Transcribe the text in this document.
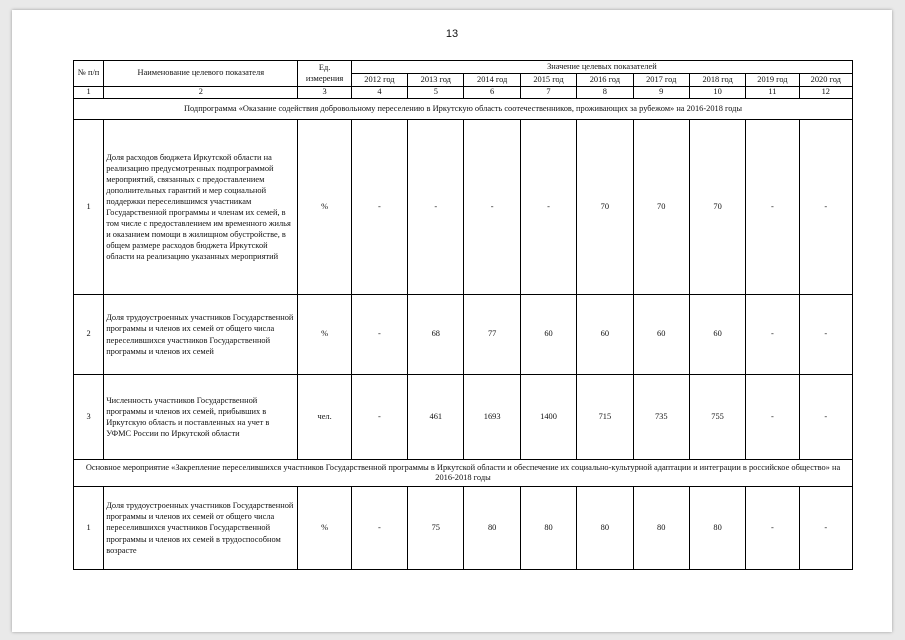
13
№ п/п	Наименование целевого показателя	Ед. измерения	Значение целевых показателей								
			2012 год	2013 год	2014 год	2015 год	2016 год	2017 год	2018 год	2019 год	2020 год
1	2	3	4	5	6	7	8	9	10	11	12
Подпрограмма «Оказание содействия добровольному переселению в Иркутскую область соотечественников, проживающих за рубежом» на 2016-2018 годы											
1	Доля расходов бюджета Иркутской области на реализацию предусмотренных подпрограммой мероприятий, связанных с предоставлением дополнительных гарантий и мер социальной поддержки переселившимся участникам Государственной программы и членам их семей, в том числе с предоставлением им временного жилья и оказанием помощи в жилищном обустройстве, в общем размере расходов бюджета Иркутской области на реализацию указанных мероприятий	%	-	-	-	-	70	70	70	-	-
2	Доля трудоустроенных участников Государственной программы и членов их семей от общего числа переселившихся участников Государственной программы и членов их семей	%	-	68	77	60	60	60	60	-	-
3	Численность участников Государственной программы и членов их семей, прибывших в Иркутскую область и поставленных на учет в УФМС России по Иркутской области	чел.	-	461	1693	1400	715	735	755	-	-
Основное мероприятие «Закрепление переселившихся участников Государственной программы в Иркутской области и обеспечение их социально-культурной адаптации и интеграции в российское общество» на 2016-2018 годы											
1	Доля трудоустроенных участников Государственной программы и членов их семей от общего числа переселившихся участников Государственной программы и членов их семей в трудоспособном возрасте	%	-	75	80	80	80	80	80	-	-
